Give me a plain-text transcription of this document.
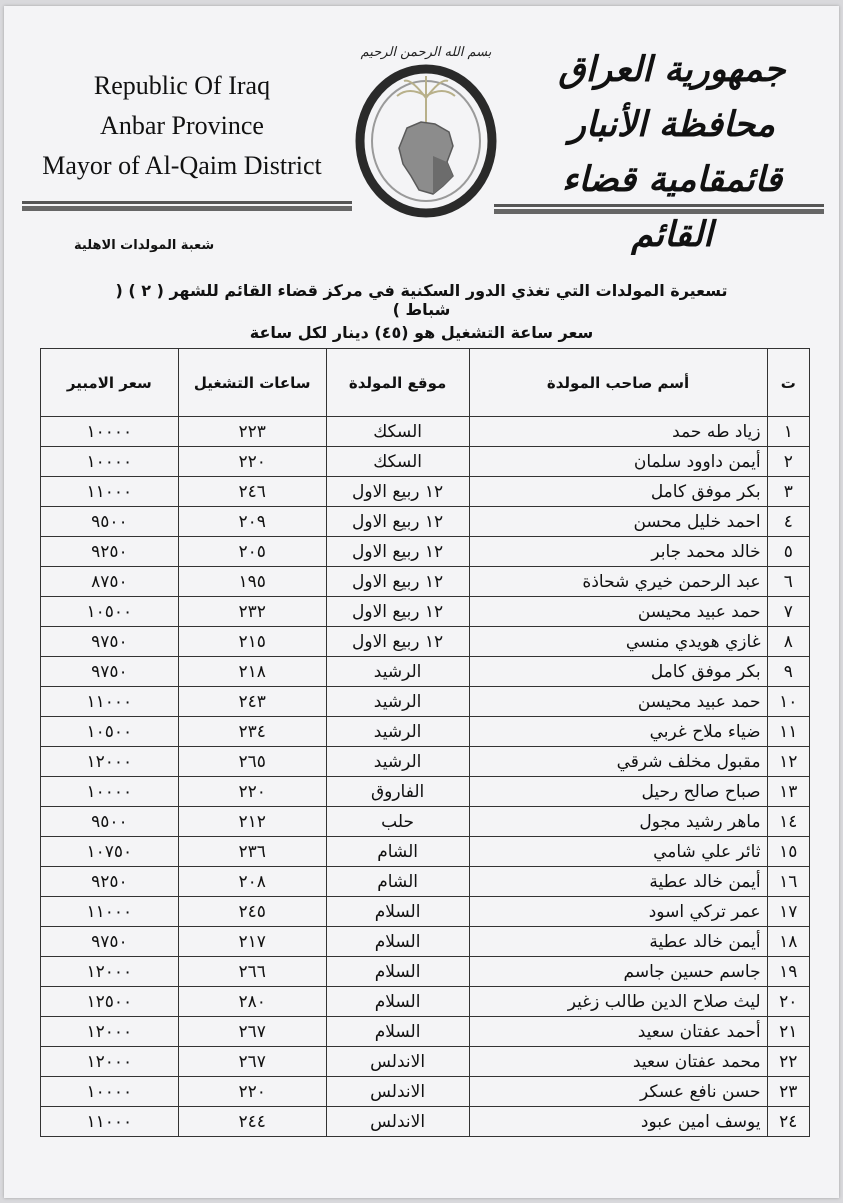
Republic Of Iraq
Anbar Province
Mayor of Al-Qaim District
بسم الله الرحمن الرحيم	جمهورية العراق
محافظة الأنبار
قائمقامية قضاء القائم
شعبة المولدات الاهلية
تسعيرة المولدات التي تغذي الدور السكنية في مركز قضاء القائم للشهر ( ٢ ) ( شباط )
سعر ساعة التشغيل هو (٤٥) دينار لكل ساعة
ت	أسم صاحب المولدة	موقع المولدة	ساعات التشغيل	سعر الامبير
١	زياد طه حمد	السكك	٢٢٣	١٠٠٠٠
٢	أيمن داوود سلمان	السكك	٢٢٠	١٠٠٠٠
٣	بكر موفق كامل	١٢ ربيع الاول	٢٤٦	١١٠٠٠
٤	احمد خليل محسن	١٢ ربيع الاول	٢٠٩	٩٥٠٠
٥	خالد محمد جابر	١٢ ربيع الاول	٢٠٥	٩٢٥٠
٦	عبد الرحمن خيري شحاذة	١٢ ربيع الاول	١٩٥	٨٧٥٠
٧	حمد عبيد محيسن	١٢ ربيع الاول	٢٣٢	١٠٥٠٠
٨	غازي هويدي منسي	١٢ ربيع الاول	٢١٥	٩٧٥٠
٩	بكر موفق كامل	الرشيد	٢١٨	٩٧٥٠
١٠	حمد عبيد محيسن	الرشيد	٢٤٣	١١٠٠٠
١١	ضياء ملاح غربي	الرشيد	٢٣٤	١٠٥٠٠
١٢	مقبول مخلف شرقي	الرشيد	٢٦٥	١٢٠٠٠
١٣	صباح صالح رحيل	الفاروق	٢٢٠	١٠٠٠٠
١٤	ماهر رشيد مجول	حلب	٢١٢	٩٥٠٠
١٥	ثائر علي شامي	الشام	٢٣٦	١٠٧٥٠
١٦	أيمن خالد عطية	الشام	٢٠٨	٩٢٥٠
١٧	عمر تركي اسود	السلام	٢٤٥	١١٠٠٠
١٨	أيمن خالد عطية	السلام	٢١٧	٩٧٥٠
١٩	جاسم حسين جاسم	السلام	٢٦٦	١٢٠٠٠
٢٠	ليث صلاح الدين طالب زغير	السلام	٢٨٠	١٢٥٠٠
٢١	أحمد عفتان سعيد	السلام	٢٦٧	١٢٠٠٠
٢٢	محمد عفتان سعيد	الاندلس	٢٦٧	١٢٠٠٠
٢٣	حسن نافع عسكر	الاندلس	٢٢٠	١٠٠٠٠
٢٤	يوسف امين عبود	الاندلس	٢٤٤	١١٠٠٠
